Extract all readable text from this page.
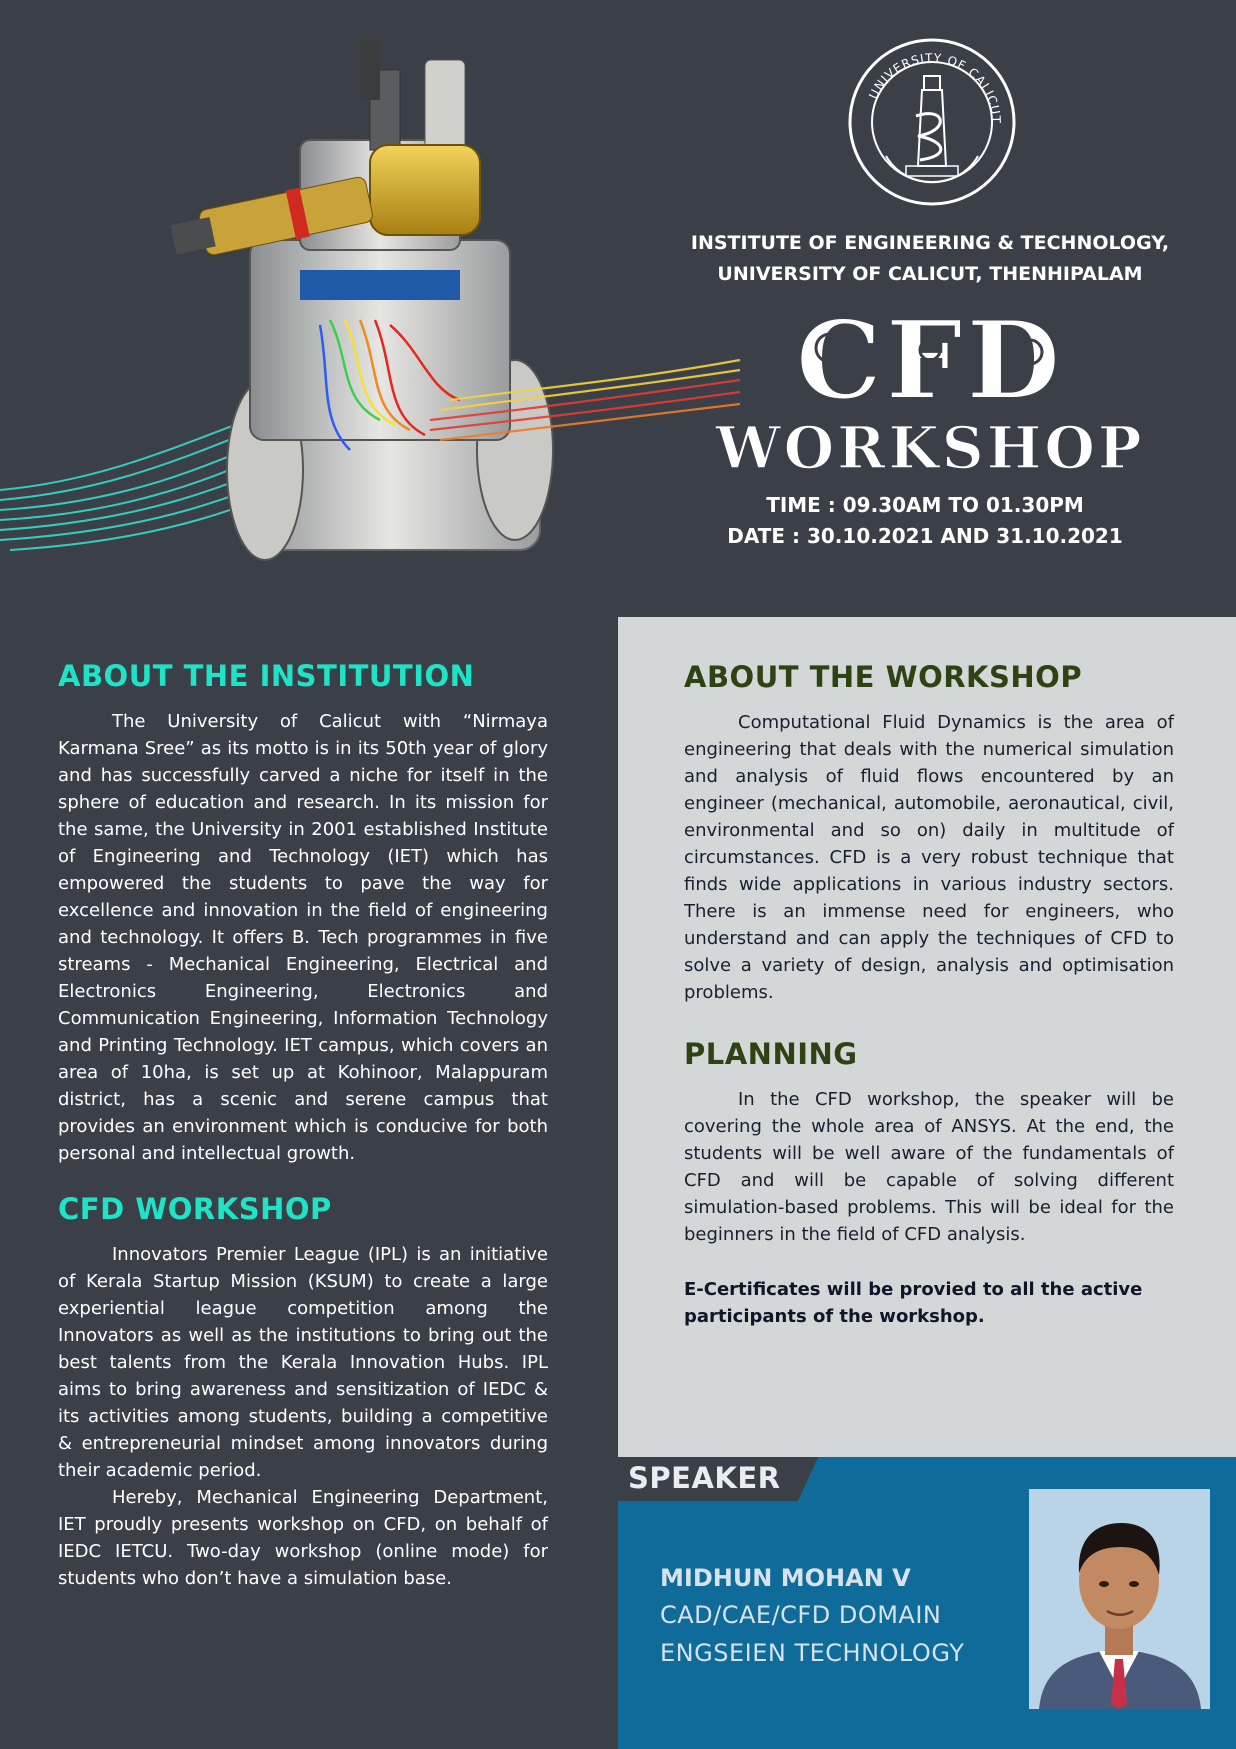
UNIVERSITY OF CALICUT
INSTITUTE OF ENGINEERING & TECHNOLOGY,
UNIVERSITY OF CALICUT, THENHIPALAM
CFD
WORKSHOP
TIME : 09.30AM TO 01.30PM
DATE : 30.10.2021 AND 31.10.2021
ABOUT THE INSTITUTION

The University of Calicut with “Nirmaya Karmana Sree” as its motto is in its 50th year of glory and has successfully carved a niche for itself in the sphere of education and research. In its mission for the same, the University in 2001 established Institute of Engineering and Technology (IET) which has empowered the students to pave the way for excellence and innovation in the field of engineering and technology. It offers B. Tech programmes in five streams - Mechanical Engineering, Electrical and Electronics Engineering, Electronics and Communication Engineering, Information Technology and Printing Technology. IET campus, which covers an area of 10ha, is set up at Kohinoor, Malappuram district, has a scenic and serene campus that provides an environment which is conducive for both personal and intellectual growth.

CFD WORKSHOP

Innovators Premier League (IPL) is an initiative of Kerala Startup Mission (KSUM) to create a large experiential league competition among the Innovators as well as the institutions to bring out the best talents from the Kerala Innovation Hubs. IPL aims to bring awareness and sensitization of IEDC & its activities among students, building a competitive & entrepreneurial mindset among innovators during their academic period.

Hereby, Mechanical Engineering Department, IET proudly presents workshop on CFD, on behalf of IEDC IETCU. Two-day workshop (online mode) for students who don’t have a simulation base.

ABOUT THE WORKSHOP

Computational Fluid Dynamics is the area of engineering that deals with the numerical simulation and analysis of fluid flows encountered by an engineer (mechanical, automobile, aeronautical, civil, environmental and so on) daily in multitude of circumstances. CFD is a very robust technique that finds wide applications in various industry sectors. There is an immense need for engineers, who understand and can apply the techniques of CFD to solve a variety of design, analysis and optimisation problems.

PLANNING

In the CFD workshop, the speaker will be covering the whole area of ANSYS. At the end, the students will be well aware of the fundamentals of CFD and will be capable of solving different simulation-based problems. This will be ideal for the beginners in the field of CFD analysis.

E-Certificates will be provied to all the active participants of the workshop.

SPEAKER
MIDHUN MOHAN V
CAD/CAE/CFD DOMAIN
ENGSEIEN TECHNOLOGY
